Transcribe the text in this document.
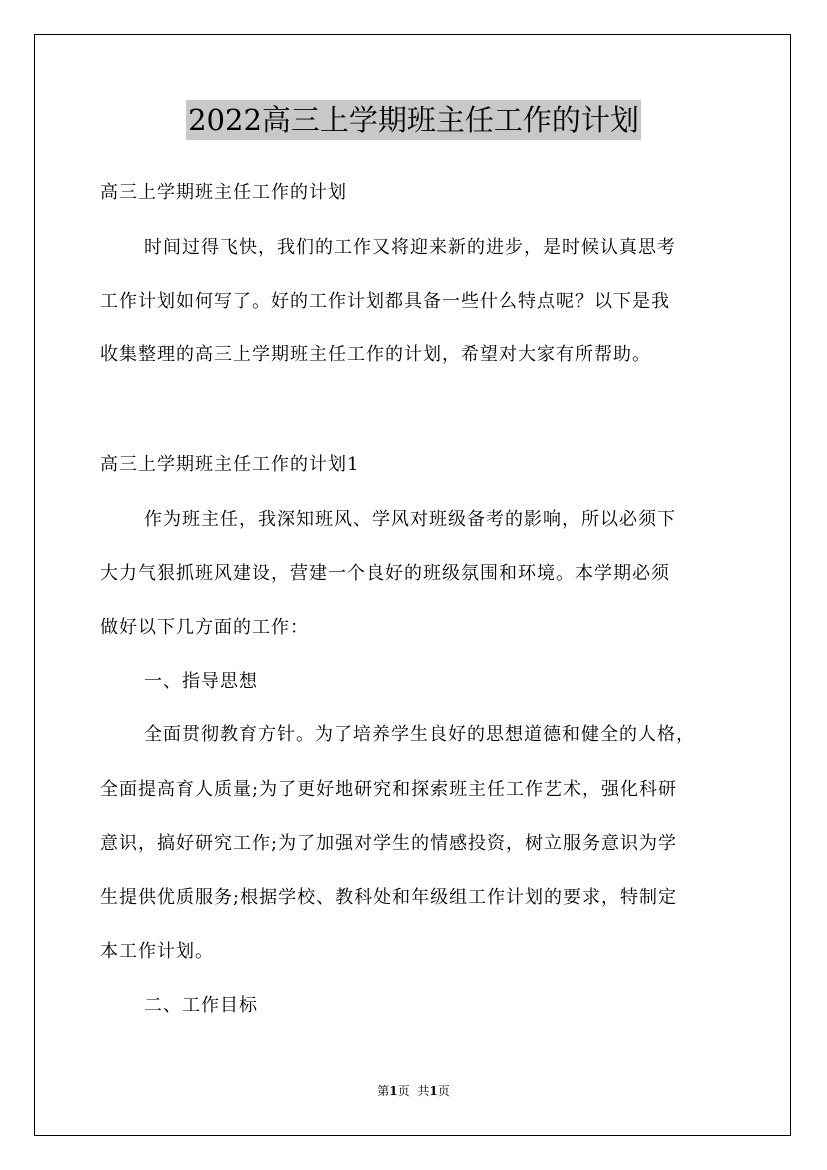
2022高三上学期班主任工作的计划
高三上学期班主任工作的计划
时间过得飞快，我们的工作又将迎来新的进步，是时候认真思考
工作计划如何写了。好的工作计划都具备一些什么特点呢？以下是我
收集整理的高三上学期班主任工作的计划，希望对大家有所帮助。
高三上学期班主任工作的计划1
作为班主任，我深知班风、学风对班级备考的影响，所以必须下
大力气狠抓班风建设，营建一个良好的班级氛围和环境。本学期必须
做好以下几方面的工作：
一、指导思想
全面贯彻教育方针。为了培养学生良好的思想道德和健全的人格，
全面提高育人质量;为了更好地研究和探索班主任工作艺术，强化科研
意识，搞好研究工作;为了加强对学生的情感投资，树立服务意识为学
生提供优质服务;根据学校、教科处和年级组工作计划的要求，特制定
本工作计划。
二、工作目标
第1页 共1页
